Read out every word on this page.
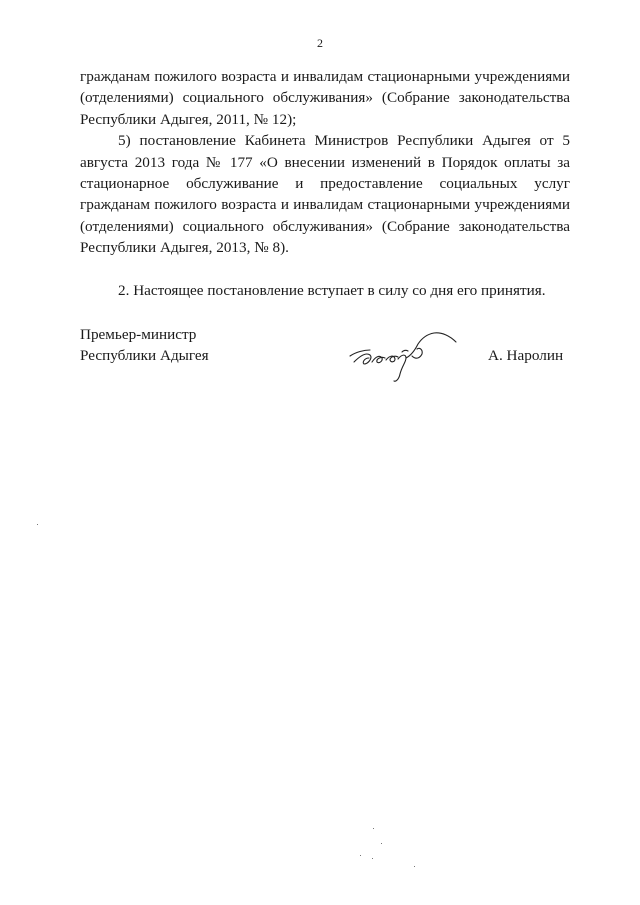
2

гражданам пожилого возраста и инвалидам стационарными учреждениями (отделениями) социального обслуживания» (Собрание законодательства Республики Адыгея, 2011, № 12);

5) постановление Кабинета Министров Республики Адыгея от 5 августа 2013 года № 177 «О внесении изменений в Порядок оплаты за стационарное обслуживание и предоставление социальных услуг гражданам пожилого возраста и инвалидам стационарными учреждениями (отделениями) социального обслуживания» (Собрание законодательства Республики Адыгея, 2013, № 8).

2. Настоящее постановление вступает в силу со дня его принятия.

Премьер-министр
Республики Адыгея	А. Наролин
